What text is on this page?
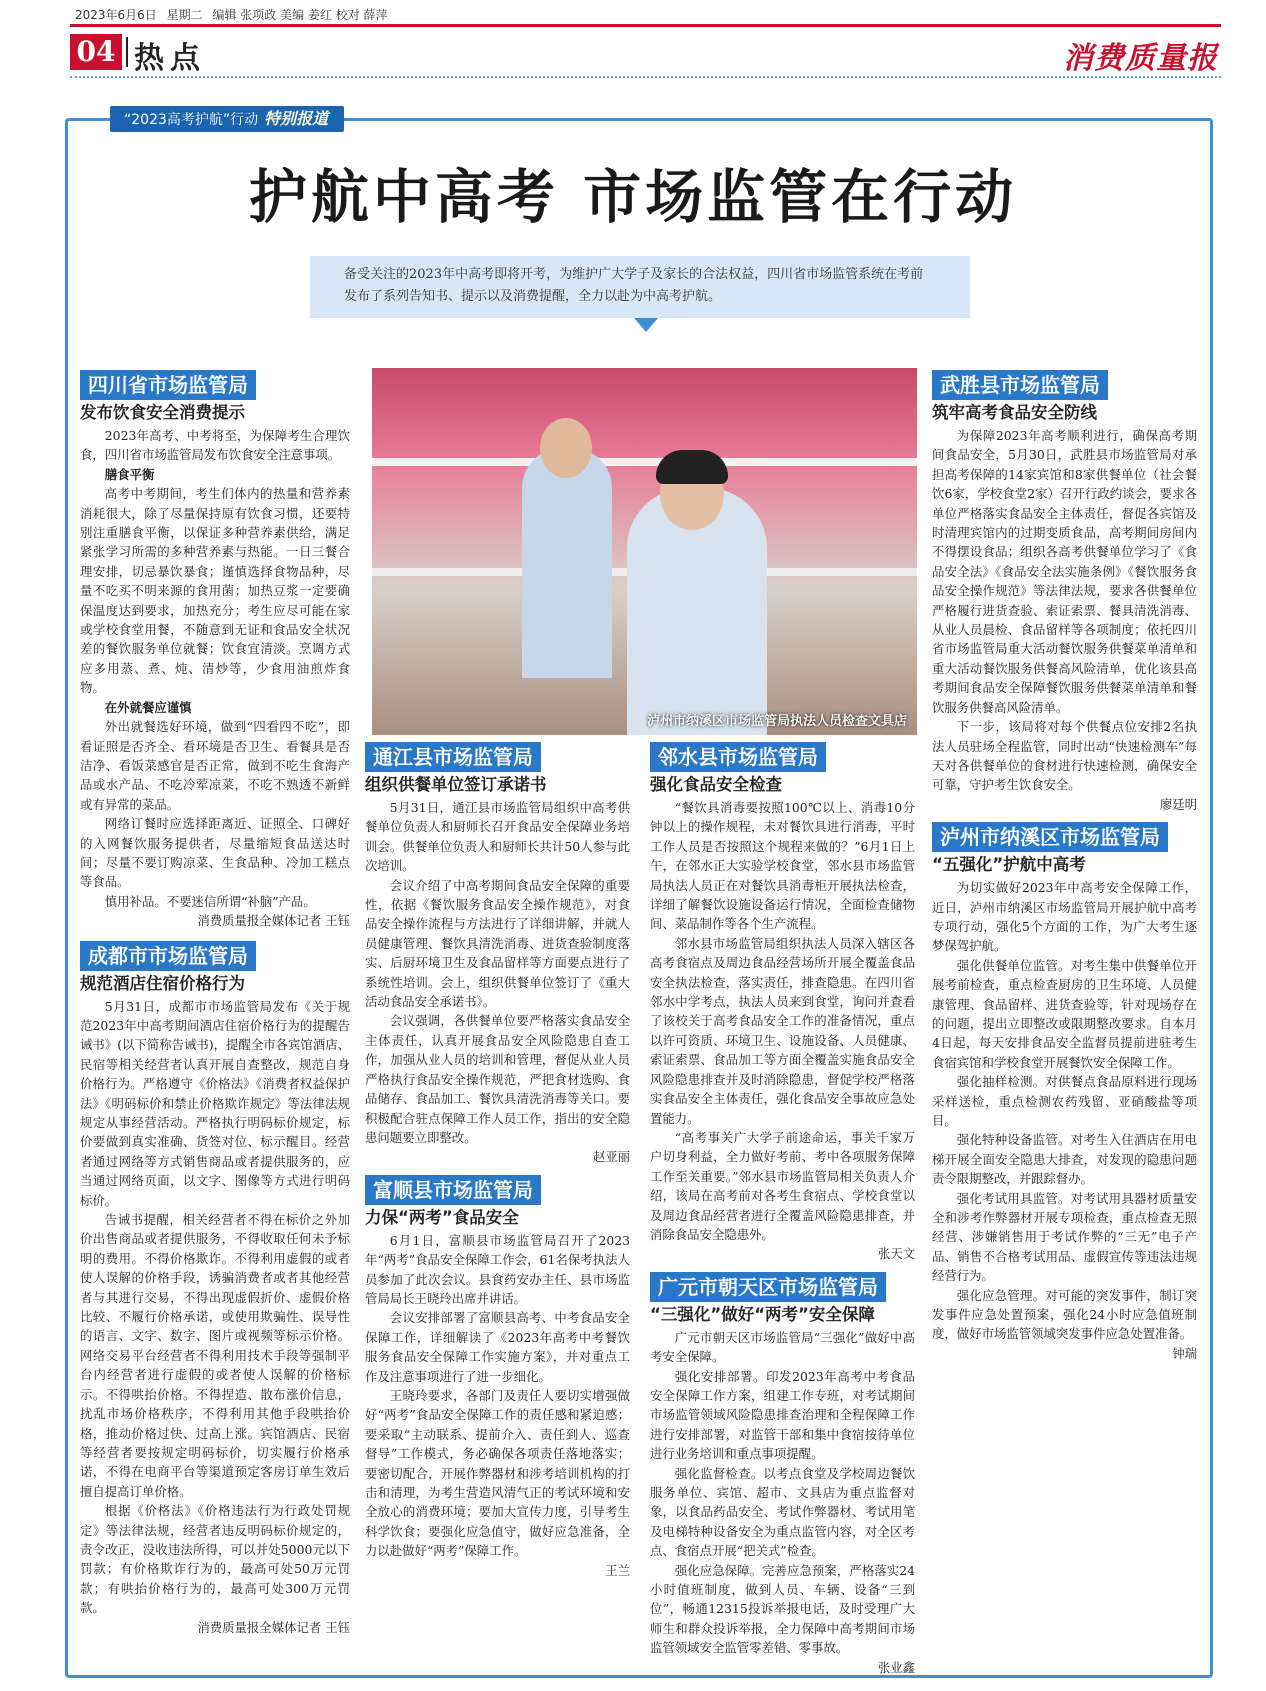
2023年6月6日 星期二 编辑 张项政 美编 姜红 校对 薛萍
04 热点	消费质量报
“2023高考护航”行动 特别报道
护航中高考 市场监管在行动
备受关注的2023年中高考即将开考，为维护广大学子及家长的合法权益，四川省市场监管系统在考前发布了系列告知书、提示以及消费提醒，全力以赴为中高考护航。
四川省市场监管局
发布饮食安全消费提示

2023年高考、中考将至，为保障考生合理饮食，四川省市场监管局发布饮食安全注意事项。

膳食平衡

高考中考期间，考生们体内的热量和营养素消耗很大，除了尽量保持原有饮食习惯，还要特别注重膳食平衡，以保证多种营养素供给，满足紧张学习所需的多种营养素与热能。一日三餐合理安排，切忌暴饮暴食；谨慎选择食物品种，尽量不吃买不明来源的食用菌；加热豆浆一定要确保温度达到要求，加热充分；考生应尽可能在家或学校食堂用餐，不随意到无证和食品安全状况差的餐饮服务单位就餐；饮食宜清淡。烹调方式应多用蒸、煮、炖、清炒等，少食用油煎炸食物。

在外就餐应谨慎

外出就餐选好环境，做到“四看四不吃”，即看证照是否齐全、看环境是否卫生、看餐具是否洁净、看饭菜感官是否正常，做到不吃生食海产品或水产品、不吃冷荤凉菜，不吃不熟透不新鲜或有异常的菜品。

网络订餐时应选择距离近、证照全、口碑好的入网餐饮服务提供者，尽量缩短食品送达时间；尽量不要订购凉菜、生食品种、冷加工糕点等食品。

慎用补品。不要迷信所谓“补脑”产品。

消费质量报全媒体记者 王钰

成都市市场监管局
规范酒店住宿价格行为

5月31日，成都市市场监管局发布《关于规范2023年中高考期间酒店住宿价格行为的提醒告诫书》(以下简称告诫书)，提醒全市各宾馆酒店、民宿等相关经营者认真开展自查整改，规范自身价格行为。严格遵守《价格法》《消费者权益保护法》《明码标价和禁止价格欺诈规定》等法律法规规定从事经营活动。严格执行明码标价规定，标价要做到真实准确、货签对位、标示醒目。经营者通过网络等方式销售商品或者提供服务的，应当通过网络页面，以文字、图像等方式进行明码标价。

告诫书提醒，相关经营者不得在标价之外加价出售商品或者提供服务，不得收取任何未予标明的费用。不得价格欺诈。不得利用虚假的或者使人误解的价格手段，诱骗消费者或者其他经营者与其进行交易，不得出现虚假折价、虚假价格比较、不履行价格承诺，或使用欺骗性、误导性的语言、文字、数字、图片或视频等标示价格。网络交易平台经营者不得利用技术手段等强制平台内经营者进行虚假的或者使人误解的价格标示。不得哄抬价格。不得捏造、散布涨价信息，扰乱市场价格秩序，不得利用其他手段哄抬价格，推动价格过快、过高上涨。宾馆酒店、民宿等经营者要按规定明码标价，切实履行价格承诺，不得在电商平台等渠道预定客房订单生效后擅自提高订单价格。

根据《价格法》《价格违法行为行政处罚规定》等法律法规，经营者违反明码标价规定的，责令改正，没收违法所得，可以并处5000元以下罚款；有价格欺诈行为的，最高可处50万元罚款；有哄抬价格行为的，最高可处300万元罚款。

消费质量报全媒体记者 王钰

泸州市纳溪区市场监管局执法人员检查文具店
通江县市场监管局
组织供餐单位签订承诺书

5月31日，通江县市场监管局组织中高考供餐单位负责人和厨师长召开食品安全保障业务培训会。供餐单位负责人和厨师长共计50人参与此次培训。

会议介绍了中高考期间食品安全保障的重要性，依据《餐饮服务食品安全操作规范》，对食品安全操作流程与方法进行了详细讲解，并就人员健康管理、餐饮具清洗消毒、进货查验制度落实、后厨环境卫生及食品留样等方面要点进行了系统性培训。会上，组织供餐单位签订了《重大活动食品安全承诺书》。

会议强调，各供餐单位要严格落实食品安全主体责任，认真开展食品安全风险隐患自查工作，加强从业人员的培训和管理，督促从业人员严格执行食品安全操作规范，严把食材选购、食品储存、食品加工、餐饮具清洗消毒等关口。要积极配合驻点保障工作人员工作，指出的安全隐患问题要立即整改。

赵亚丽

富顺县市场监管局
力保“两考”食品安全

6月1日，富顺县市场监管局召开了2023年“两考”食品安全保障工作会，61名保考执法人员参加了此次会议。县食药安办主任、县市场监管局局长王晓玲出席并讲话。

会议安排部署了富顺县高考、中考食品安全保障工作，详细解读了《2023年高考中考餐饮服务食品安全保障工作实施方案》，并对重点工作及注意事项进行了进一步细化。

王晓玲要求，各部门及责任人要切实增强做好“两考”食品安全保障工作的责任感和紧迫感；要采取“主动联系、提前介入、责任到人、巡查督导”工作模式，务必确保各项责任落地落实；要密切配合，开展作弊器材和涉考培训机构的打击和清理，为考生营造风清气正的考试环境和安全放心的消费环境；要加大宣传力度，引导考生科学饮食；要强化应急值守，做好应急准备，全力以赴做好“两考”保障工作。

王兰

邻水县市场监管局
强化食品安全检查

“餐饮具消毒要按照100℃以上、消毒10分钟以上的操作规程，未对餐饮具进行消毒，平时工作人员是否按照这个规程来做的？”6月1日上午，在邻水正大实验学校食堂，邻水县市场监管局执法人员正在对餐饮具消毒柜开展执法检查，详细了解餐饮设施设备运行情况，全面检查储物间、菜品制作等各个生产流程。

邻水县市场监管局组织执法人员深入辖区各高考食宿点及周边食品经营场所开展全覆盖食品安全执法检查，落实责任，排查隐患。在四川省邻水中学考点，执法人员来到食堂，询问并查看了该校关于高考食品安全工作的准备情况，重点以许可资质、环境卫生、设施设备、人员健康、索证索票、食品加工等方面全覆盖实施食品安全风险隐患排查并及时消除隐患，督促学校严格落实食品安全主体责任，强化食品安全事故应急处置能力。

“高考事关广大学子前途命运，事关千家万户切身利益，全力做好考前、考中各项服务保障工作至关重要。”邻水县市场监管局相关负责人介绍，该局在高考前对各考生食宿点、学校食堂以及周边食品经营者进行全覆盖风险隐患排查，并消除食品安全隐患外。

张天文

广元市朝天区市场监管局
“三强化”做好“两考”安全保障

广元市朝天区市场监管局“三强化”做好中高考安全保障。

强化安排部署。印发2023年高考中考食品安全保障工作方案，组建工作专班，对考试期间市场监管领域风险隐患排查治理和全程保障工作进行安排部署，对监管干部和集中食宿按待单位进行业务培训和重点事项提醒。

强化监督检查。以考点食堂及学校周边餐饮服务单位、宾馆、超市、文具店为重点监督对象，以食品药品安全、考试作弊器材、考试用笔及电梯特种设备安全为重点监管内容，对全区考点、食宿点开展“把关式”检查。

强化应急保障。完善应急预案，严格落实24小时值班制度，做到人员、车辆、设备“三到位”，畅通12315投诉举报电话，及时受理广大师生和群众投诉举报，全力保障中高考期间市场监管领域安全监管零差错、零事故。

张业鑫

武胜县市场监管局
筑牢高考食品安全防线

为保障2023年高考顺利进行，确保高考期间食品安全，5月30日，武胜县市场监管局对承担高考保障的14家宾馆和8家供餐单位（社会餐饮6家，学校食堂2家）召开行政约谈会，要求各单位严格落实食品安全主体责任，督促各宾馆及时清理宾馆内的过期变质食品，高考期间房间内不得摆设食品；组织各高考供餐单位学习了《食品安全法》《食品安全法实施条例》《餐饮服务食品安全操作规范》等法律法规，要求各供餐单位严格履行进货查验、索证索票、餐具清洗消毒、从业人员晨检、食品留样等各项制度；依托四川省市场监管局重大活动餐饮服务供餐菜单清单和重大活动餐饮服务供餐高风险清单，优化该县高考期间食品安全保障餐饮服务供餐菜单清单和餐饮服务供餐高风险清单。

下一步，该局将对每个供餐点位安排2名执法人员驻场全程监管，同时出动“快速检测车”每天对各供餐单位的食材进行快速检测，确保安全可靠，守护考生饮食安全。

廖廷明

泸州市纳溪区市场监管局
“五强化”护航中高考

为切实做好2023年中高考安全保障工作，近日，泸州市纳溪区市场监管局开展护航中高考专项行动，强化5个方面的工作，为广大考生逐梦保驾护航。

强化供餐单位监管。对考生集中供餐单位开展考前检查，重点检查厨房的卫生环境、人员健康管理、食品留样、进货查验等，针对现场存在的问题，提出立即整改或限期整改要求。自本月4日起，每天安排食品安全监督员提前进驻考生食宿宾馆和学校食堂开展餐饮安全保障工作。

强化抽样检测。对供餐点食品原料进行现场采样送检，重点检测农药残留、亚硝酸盐等项目。

强化特种设备监管。对考生入住酒店在用电梯开展全面安全隐患大排查，对发现的隐患问题责令限期整改，并跟踪督办。

强化考试用具监管。对考试用具器材质量安全和涉考作弊器材开展专项检查，重点检查无照经营、涉嫌销售用于考试作弊的“三无”电子产品、销售不合格考试用品、虚假宣传等违法违规经营行为。

强化应急管理。对可能的突发事件，制订突发事件应急处置预案，强化24小时应急值班制度，做好市场监管领域突发事件应急处置准备。

钟瑞
